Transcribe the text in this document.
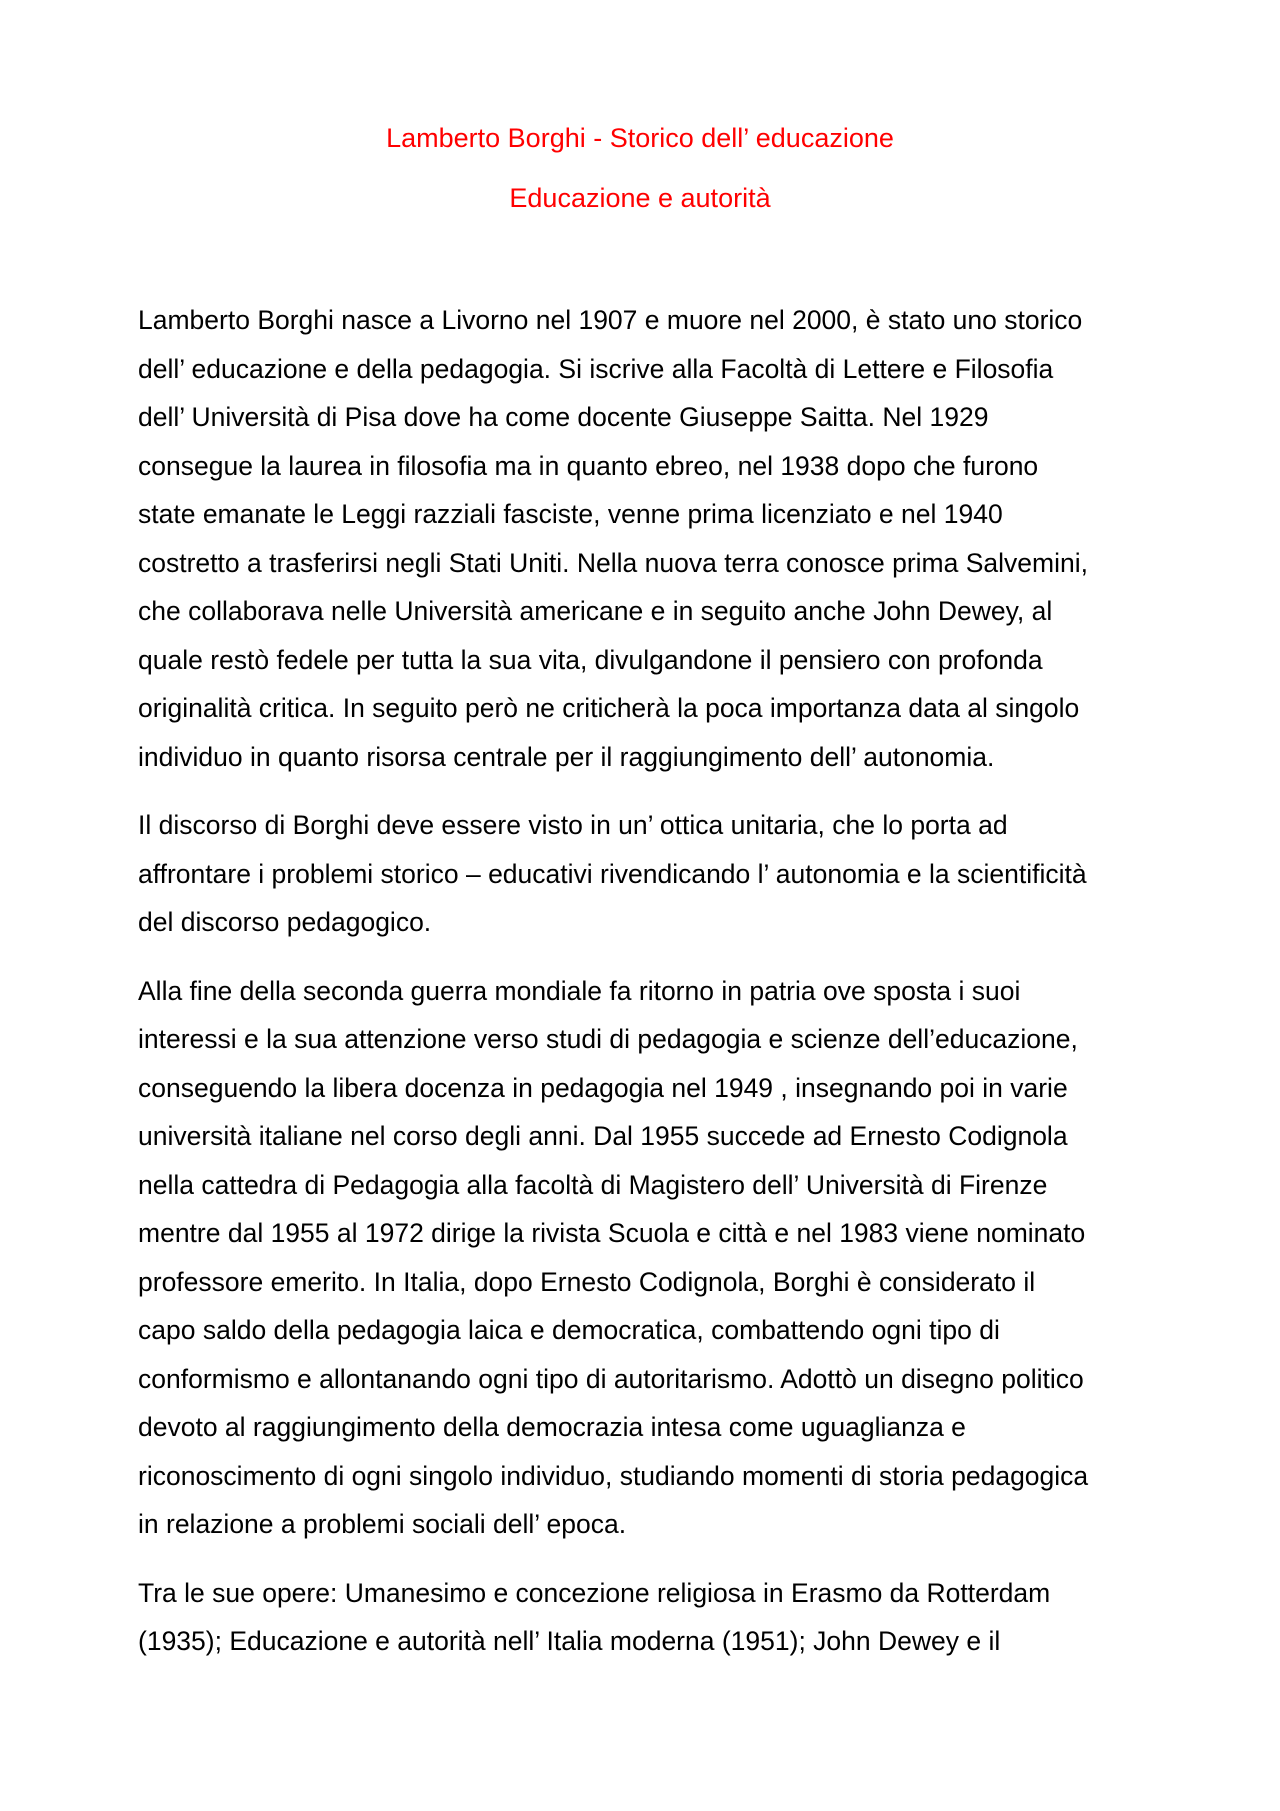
Lamberto Borghi - Storico dell’ educazione
Educazione e autorità

Lamberto Borghi nasce a Livorno nel 1907 e muore nel 2000, è stato uno storico
dell’ educazione e della pedagogia. Si iscrive alla Facoltà di Lettere e Filosofia
dell’ Università di Pisa dove ha come docente Giuseppe Saitta. Nel 1929
consegue la laurea in filosofia ma in quanto ebreo, nel 1938 dopo che furono
state emanate le Leggi razziali fasciste, venne prima licenziato e nel 1940
costretto a trasferirsi negli Stati Uniti. Nella nuova terra conosce prima Salvemini,
che collaborava nelle Università americane e in seguito anche John Dewey, al
quale restò fedele per tutta la sua vita, divulgandone il pensiero con profonda
originalità critica. In seguito però ne criticherà la poca importanza data al singolo
individuo in quanto risorsa centrale per il raggiungimento dell’ autonomia.

Il discorso di Borghi deve essere visto in un’ ottica unitaria, che lo porta ad
affrontare i problemi storico – educativi rivendicando l’ autonomia e la scientificità
del discorso pedagogico.

Alla fine della seconda guerra mondiale fa ritorno in patria ove sposta i suoi
interessi e la sua attenzione verso studi di pedagogia e scienze dell’educazione,
conseguendo la libera docenza in pedagogia nel 1949 , insegnando poi in varie
università italiane nel corso degli anni. Dal 1955 succede ad Ernesto Codignola
nella cattedra di Pedagogia alla facoltà di Magistero dell’ Università di Firenze
mentre dal 1955 al 1972 dirige la rivista Scuola e città e nel 1983 viene nominato
professore emerito. In Italia, dopo Ernesto Codignola, Borghi è considerato il
capo saldo della pedagogia laica e democratica, combattendo ogni tipo di
conformismo e allontanando ogni tipo di autoritarismo. Adottò un disegno politico
devoto al raggiungimento della democrazia intesa come uguaglianza e
riconoscimento di ogni singolo individuo, studiando momenti di storia pedagogica
in relazione a problemi sociali dell’ epoca.

Tra le sue opere: Umanesimo e concezione religiosa in Erasmo da Rotterdam
(1935); Educazione e autorità nell’ Italia moderna (1951); John Dewey e il
